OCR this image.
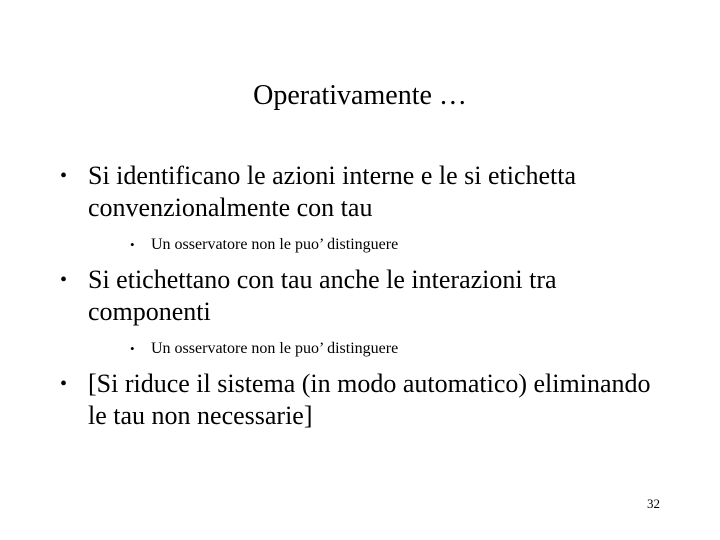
Operativamente …
• Si identificano le azioni interne e le si etichetta convenzionalmente con tau
•	Un osservatore non le puo’ distinguere
• Si etichettano con tau anche le interazioni tra componenti
•	Un osservatore non le puo’ distinguere
• [Si riduce il sistema (in modo automatico) eliminando le tau non necessarie]
32
